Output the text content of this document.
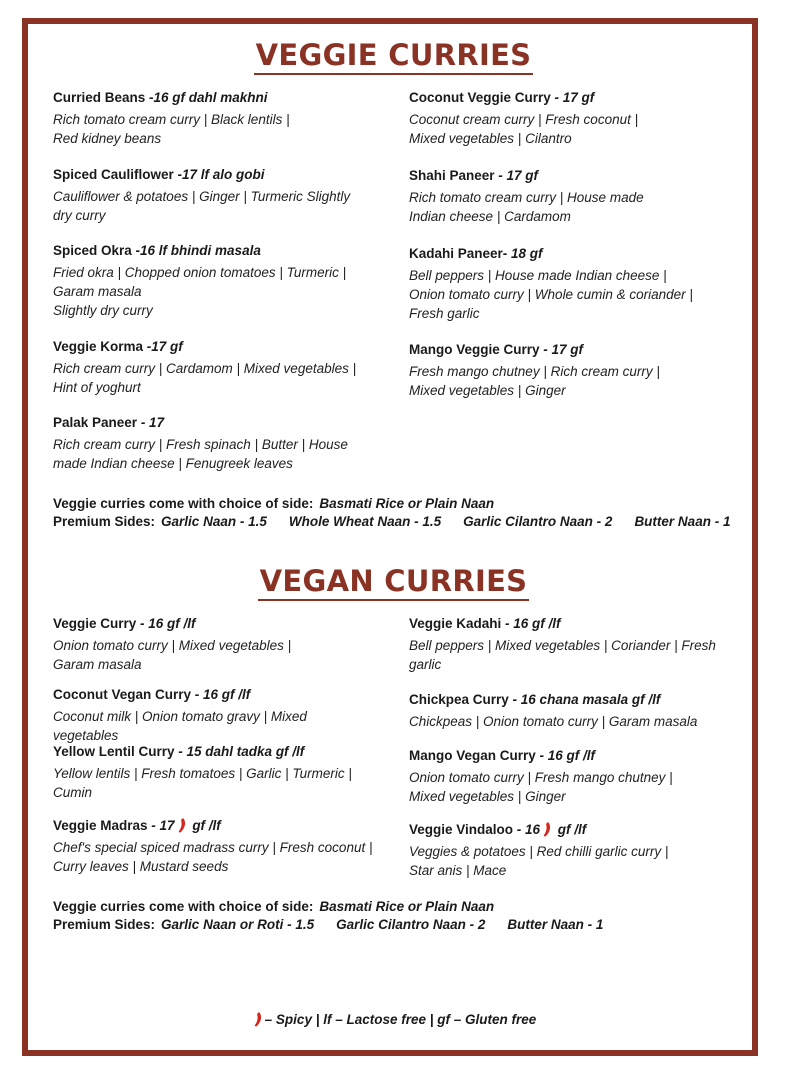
VEGGIE CURRIES
Curried Beans -16 gf dahl makhni
Rich tomato cream curry | Black lentils |
Red kidney beans
Spiced Cauliflower -17 lf alo gobi
Cauliflower & potatoes | Ginger | Turmeric Slightly
dry curry
Spiced Okra -16 lf bhindi masala
Fried okra | Chopped onion tomatoes | Turmeric |
Garam masala
Slightly dry curry
Veggie Korma -17 gf
Rich cream curry | Cardamom | Mixed vegetables |
Hint of yoghurt
Palak Paneer - 17
Rich cream curry | Fresh spinach | Butter | House
made Indian cheese | Fenugreek leaves
Coconut Veggie Curry - 17 gf
Coconut cream curry | Fresh coconut |
Mixed vegetables | Cilantro
Shahi Paneer - 17 gf
Rich tomato cream curry | House made
Indian cheese | Cardamom
Kadahi Paneer- 18 gf
Bell peppers | House made Indian cheese |
Onion tomato curry | Whole cumin & coriander |
Fresh garlic
Mango Veggie Curry - 17 gf
Fresh mango chutney | Rich cream curry |
Mixed vegetables | Ginger
Veggie curries come with choice of side: Basmati Rice or Plain Naan
Premium Sides: Garlic Naan - 1.5 Whole Wheat Naan - 1.5 Garlic Cilantro Naan - 2 Butter Naan - 1
VEGAN CURRIES
Veggie Curry - 16 gf /lf
Onion tomato curry | Mixed vegetables |
Garam masala
Coconut Vegan Curry - 16 gf /lf
Coconut milk | Onion tomato gravy | Mixed vegetables
Yellow Lentil Curry - 15 dahl tadka gf /lf
Yellow lentils | Fresh tomatoes | Garlic | Turmeric |
Cumin
Veggie Madras - 17 gf /lf
Chef's special spiced madrass curry | Fresh coconut |
Curry leaves | Mustard seeds
Veggie Kadahi - 16 gf /lf
Bell peppers | Mixed vegetables | Coriander | Fresh
garlic
Chickpea Curry - 16 chana masala gf /lf
Chickpeas | Onion tomato curry | Garam masala
Mango Vegan Curry - 16 gf /lf
Onion tomato curry | Fresh mango chutney |
Mixed vegetables | Ginger
Veggie Vindaloo - 16 gf /lf
Veggies & potatoes | Red chilli garlic curry |
Star anis | Mace
Veggie curries come with choice of side: Basmati Rice or Plain Naan
Premium Sides: Garlic Naan or Roti - 1.5 Garlic Cilantro Naan - 2 Butter Naan - 1
– Spicy | lf – Lactose free | gf – Gluten free
